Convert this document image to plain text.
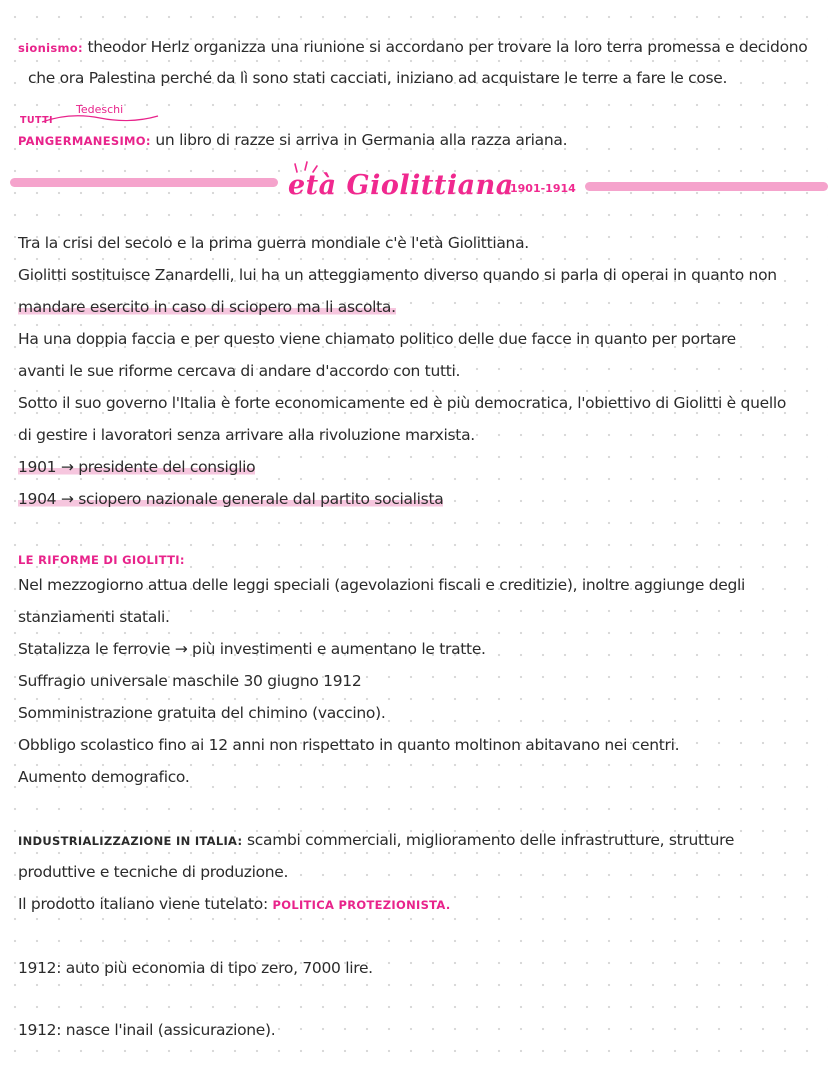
sionismo: theodor Herlz organizza una riunione si accordano per trovare la loro terra promessa e decidono
che ora Palestina perché da lì sono stati cacciati, iniziano ad acquistare le terre a fare le cose.
TUTTI
Tedeschi
PANGERMANESIMO: un libro di razze si arriva in Germania alla razza ariana.
età Giolittiana
1901-1914
Tra la crisi del secolo e la prima guerra mondiale c'è l'età Giolittiana.
Giolitti sostituisce Zanardelli, lui ha un atteggiamento diverso quando si parla di operai in quanto non
mandare esercito in caso di sciopero ma li ascolta.
Ha una doppia faccia e per questo viene chiamato politico delle due facce in quanto per portare
avanti le sue riforme cercava di andare d'accordo con tutti.
Sotto il suo governo l'Italia è forte economicamente ed è più democratica, l'obiettivo di Giolitti è quello
di gestire i lavoratori senza arrivare alla rivoluzione marxista.
1901 → presidente del consiglio
1904 → sciopero nazionale generale dal partito socialista
LE RIFORME DI GIOLITTI:
Nel mezzogiorno attua delle leggi speciali (agevolazioni fiscali e creditizie), inoltre aggiunge degli
stanziamenti statali.
Statalizza le ferrovie → più investimenti e aumentano le tratte.
Suffragio universale maschile 30 giugno 1912
Somministrazione gratuita del chimino (vaccino).
Obbligo scolastico fino ai 12 anni non rispettato in quanto moltinon abitavano nei centri.
Aumento demografico.
INDUSTRIALIZZAZIONE IN ITALIA: scambi commerciali, miglioramento delle infrastrutture, strutture
produttive e tecniche di produzione.
Il prodotto italiano viene tutelato: POLITICA PROTEZIONISTA.
1912: auto più economia di tipo zero, 7000 lire.
1912: nasce l'inail (assicurazione).
